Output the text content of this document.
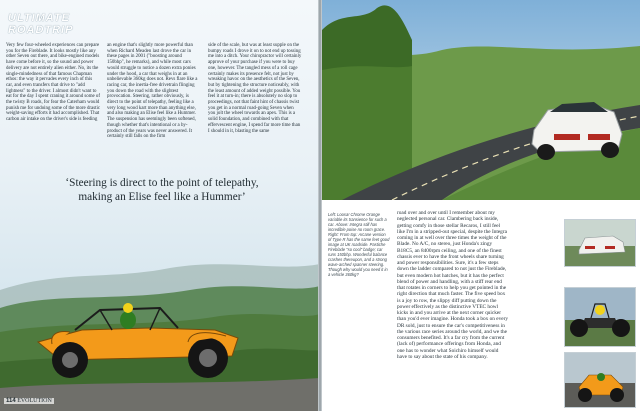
ULTIMATE
ROADTRIP
Very few four-wheeled experiences can prepare you for the Fireblade. It looks mostly like any other Seven out there, and bike-engined models have come before it, so the sound and power delivery are not entirely alien either. No, its the single-mindedness of that famous Chapman ethos: the way it pervades every inch of this car, and even transfers that drive to "add lightness" to the driver. I almost didn't want to eat for the day I spent craning it around some of the twisty B roads, for fear the Caterham would punish me for undoing some of the more drastic weight-saving efforts it had accomplished. That carbon air intake on the driver's side is feeding
an engine that's slightly more powerful than when Richard Meaden last drove the car in these pages in 2001 ("boosting around 150bhp", he remarks), and while most cars would struggle to notice a dozen extra ponies under the hood, a car that weighs in at an unbelievable 360kg does not. Revs flare like a racing car, the inertia-free drivetrain flinging you down the road with the slightest provocation. Steering, rather obviously, is direct to the point of telepathy, feeling like a very long wood kart more than anything else, and also making an Elise feel like a Hummer. The suspension has seemingly been softened, though whether that's intentional or a by-product of the years was never answered. It certainly still falls on the firm
side of the scale, but was at least supple on the bumpy roads I drove it on to not end up tossing me into a ditch. Your chiropractor will certainly approve of your purchase if you were to buy one, however. The tangled mess of a roll cage certainly makes its presence felt, not just by wreaking havoc on the aesthetics of the Seven, but by tightening the structure noticeably, with the least amount of added weight possible. You feel it at turn-in; there is absolutely no slop to proceedings, not that faint hint of chassis twist you get in a normal road-going Seven when you jolt the wheel towards an apex. This is a solid foundation, and combined with that effervescent engine, I spend far more time than I should in it, blasting the same
‘Steering is direct to the point of telepathy,
making an Elise feel like a Hummer’
114 EVOLUTION
Left: Loosa! Chrome Orange variable its transience for such a car. Above: Integra still has incredible poise no room grace. Right: From top: Arcane version of Type R has the same feet good image at UK roadside. Pastiche Fireblade "so cool" badge; car runs 150bhp. Wonderful balance crashes thereupon, and a strong wave-arched spanner steering. Though why would you need it in a vehicle 360kg?
road over and over until I remember about my neglected personal car. Clambering back inside, getting comfy in those stellar Recaros, I still feel like I'm in a stripped-out special, despite the Integra coming in at well over three times the weight of the Blade. No A/C, no stereo, just Honda's zingy B18C5, an 8400rpm ceiling, and one of the finest chassis ever to have the front wheels share turning and power responsibilities. Sure, it's a few steps down the ladder compared to not just the Fireblade, but even modern hot hatches, but it has the perfect blend of power and handling, with a stiff rear end that rotates in corners to help you get pointed in the right direction that much faster. The five speed box is a joy to row, the slippy diff putting down the power effectively as the distinctive VTEC howl kicks in and you arrive at the next corner quicker than you'd ever imagine. Honda took a box on every DR sold, just to ensure the car's competitiveness in the various race series around the world, and we the consumers benefited. It's a far cry from the current (lack of) performance offerings from Honda, and one has to wonder what Soichiro himself would have to say about the state of his company.
